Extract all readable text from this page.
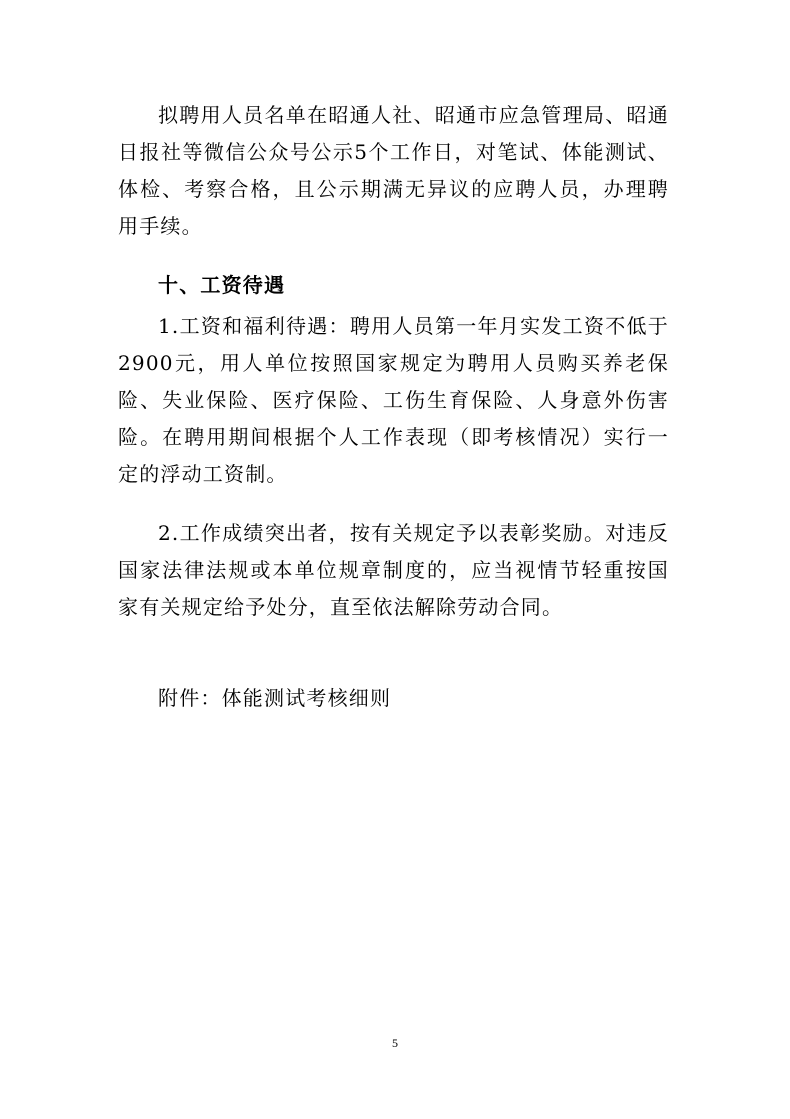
拟聘用人员名单在昭通人社、昭通市应急管理局、昭通日报社等微信公众号公示5个工作日，对笔试、体能测试、体检、考察合格，且公示期满无异议的应聘人员，办理聘用手续。

十、工资待遇

1.工资和福利待遇：聘用人员第一年月实发工资不低于2900元，用人单位按照国家规定为聘用人员购买养老保险、失业保险、医疗保险、工伤生育保险、人身意外伤害险。在聘用期间根据个人工作表现（即考核情况）实行一定的浮动工资制。

2.工作成绩突出者，按有关规定予以表彰奖励。对违反国家法律法规或本单位规章制度的，应当视情节轻重按国家有关规定给予处分，直至依法解除劳动合同。

附件：体能测试考核细则

5
